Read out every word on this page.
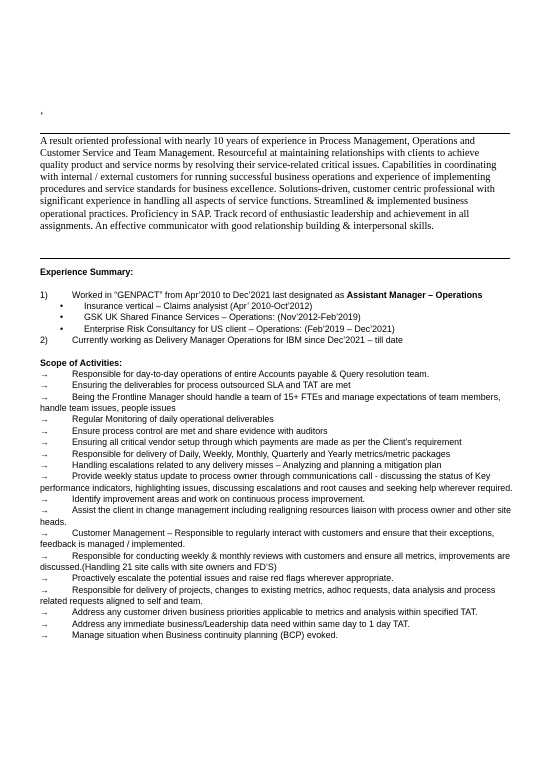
‘

A result oriented professional with nearly 10 years of experience in Process Management, Operations and Customer Service and Team Management. Resourceful at maintaining relationships with clients to achieve quality product and service norms by resolving their service-related critical issues. Capabilities in coordinating with internal / external customers for running successful business operations and experience of implementing procedures and service standards for business excellence. Solutions-driven, customer centric professional with significant experience in handling all aspects of service functions. Streamlined & implemented business operational practices. Proficiency in SAP. Track record of enthusiastic leadership and achievement in all assignments. An effective communicator with good relationship building & interpersonal skills.

Experience Summary:

1)	Worked in “GENPACT” from Apr’2010 to Dec’2021 last designated as Assistant Manager – Operations
•	Insurance vertical – Claims analysist (Apr’ 2010-Oct’2012)
•	GSK UK Shared Finance Services – Operations: (Nov’2012-Feb’2019)
•	Enterprise Risk Consultancy for US client – Operations: (Feb’2019 – Dec’2021)
2)	Currently working as Delivery Manager Operations for IBM since Dec’2021 – till date

Scope of Activities:

→	Responsible for day-to-day operations of entire Accounts payable & Query resolution team.

→	Ensuring the deliverables for process outsourced SLA and TAT are met

→	Being the Frontline Manager should handle a team of 15+ FTEs and manage expectations of team members, handle team issues, people issues

→	Regular Monitoring of daily operational deliverables

→	Ensure process control are met and share evidence with auditors

→	Ensuring all critical vendor setup through which payments are made as per the Client’s requirement

→	Responsible for delivery of Daily, Weekly, Monthly, Quarterly and Yearly metrics/metric packages

→	Handling escalations related to any delivery misses – Analyzing and planning a mitigation plan

→	Provide weekly status update to process owner through communications call - discussing the status of Key performance indicators, highlighting issues, discussing escalations and root causes and seeking help wherever required.

→	Identify improvement areas and work on continuous process improvement.

→	Assist the client in change management including realigning resources liaison with process owner and other site heads.

→	Customer Management – Responsible to regularly interact with customers and ensure that their exceptions, feedback is managed / implemented.

→	Responsible for conducting weekly & monthly reviews with customers and ensure all metrics, improvements are discussed.(Handling 21 site calls with site owners and FD’S)

→	Proactively escalate the potential issues and raise red flags wherever appropriate.

→	Responsible for delivery of projects, changes to existing metrics, adhoc requests, data analysis and process related requests aligned to self and team.

→	Address any customer driven business priorities applicable to metrics and analysis within specified TAT.

→	Address any immediate business/Leadership data need within same day to 1 day TAT.

→	Manage situation when Business continuity planning (BCP) evoked.
